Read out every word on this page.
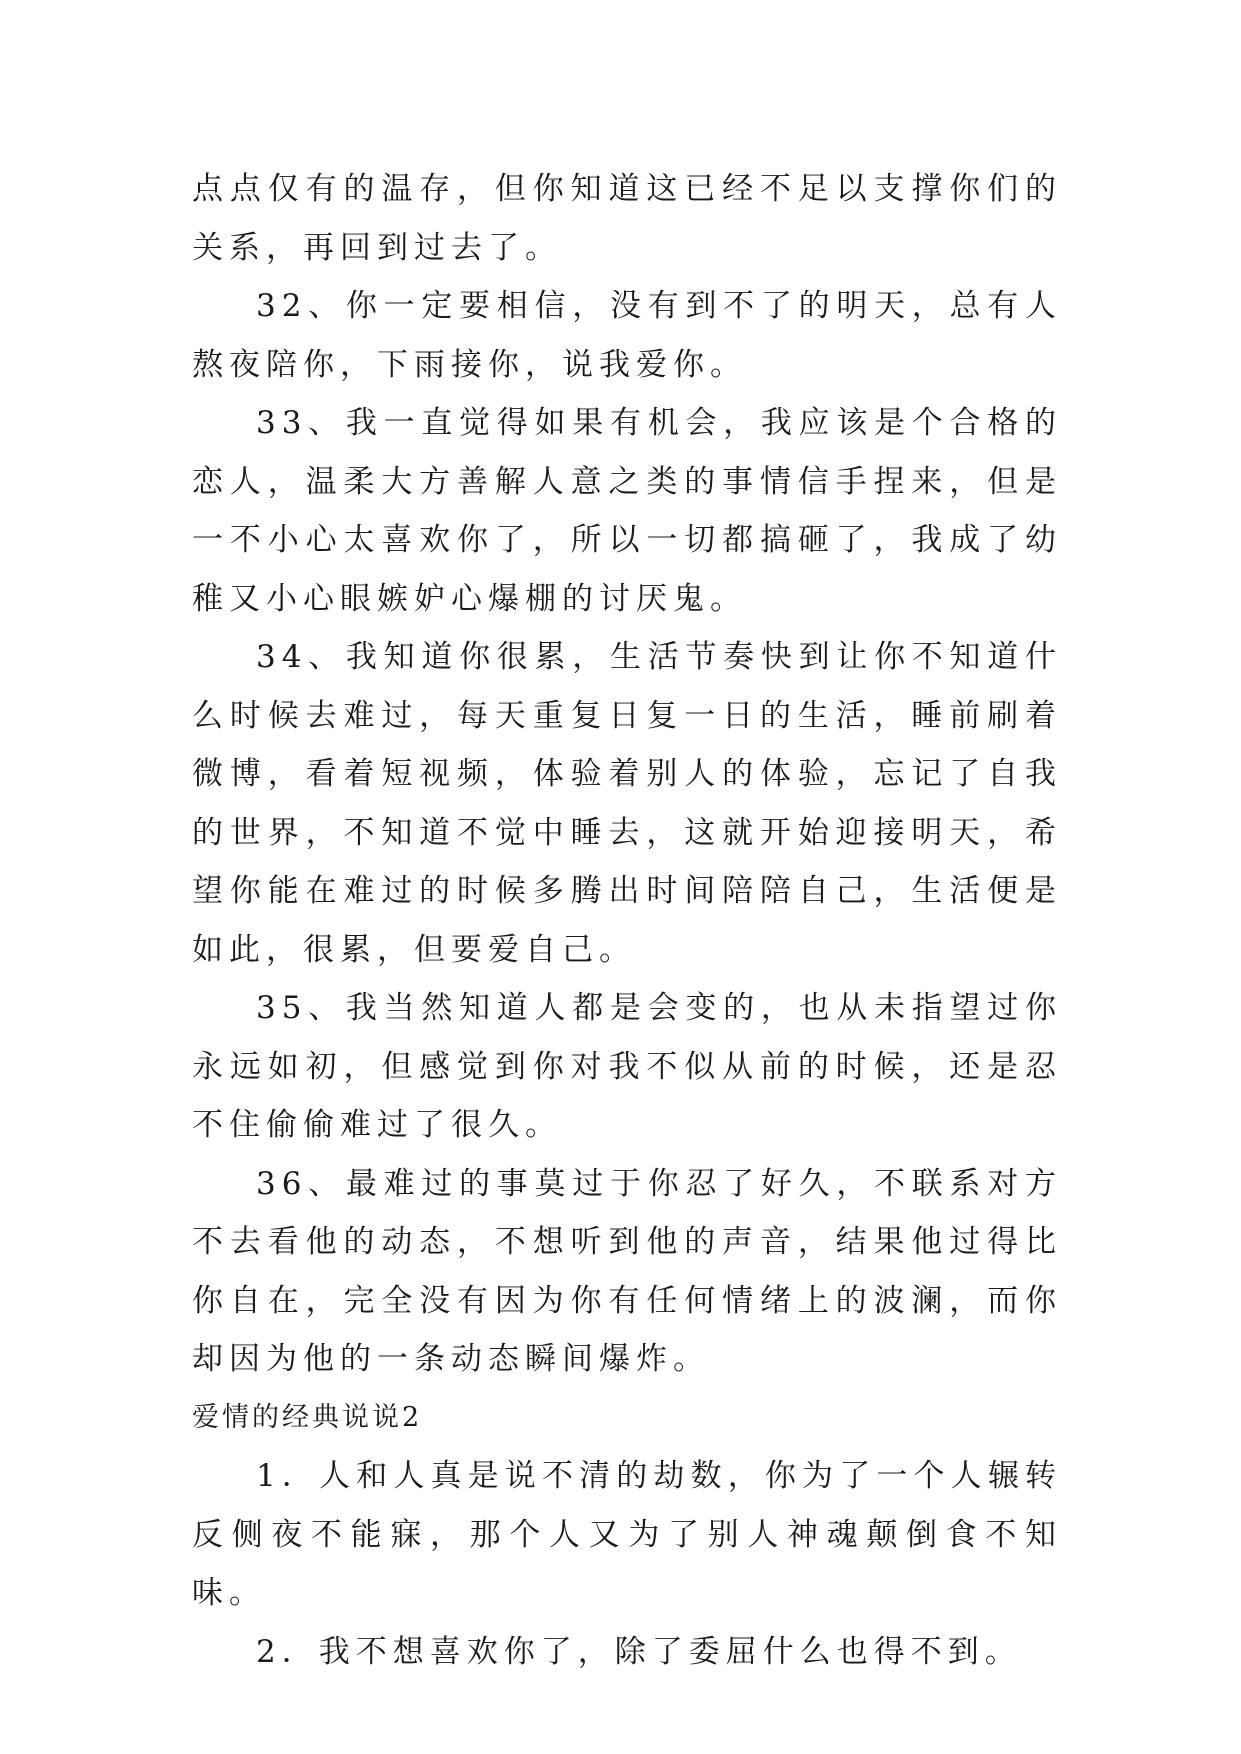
点点仅有的温存，但你知道这已经不足以支撑你们的关系，再回到过去了。

32、你一定要相信，没有到不了的明天，总有人熬夜陪你，下雨接你，说我爱你。

33、我一直觉得如果有机会，我应该是个合格的恋人，温柔大方善解人意之类的事情信手捏来，但是一不小心太喜欢你了，所以一切都搞砸了，我成了幼稚又小心眼嫉妒心爆棚的讨厌鬼。

34、我知道你很累，生活节奏快到让你不知道什么时候去难过，每天重复日复一日的生活，睡前刷着微博，看着短视频，体验着别人的体验，忘记了自我的世界，不知道不觉中睡去，这就开始迎接明天，希望你能在难过的时候多腾出时间陪陪自己，生活便是如此，很累，但要爱自己。

35、我当然知道人都是会变的，也从未指望过你永远如初，但感觉到你对我不似从前的时候，还是忍不住偷偷难过了很久。

36、最难过的事莫过于你忍了好久，不联系对方不去看他的动态，不想听到他的声音，结果他过得比你自在，完全没有因为你有任何情绪上的波澜，而你却因为他的一条动态瞬间爆炸。

爱情的经典说说2

1．人和人真是说不清的劫数，你为了一个人辗转反侧夜不能寐，那个人又为了别人神魂颠倒食不知味。

2．我不想喜欢你了，除了委屈什么也得不到。
